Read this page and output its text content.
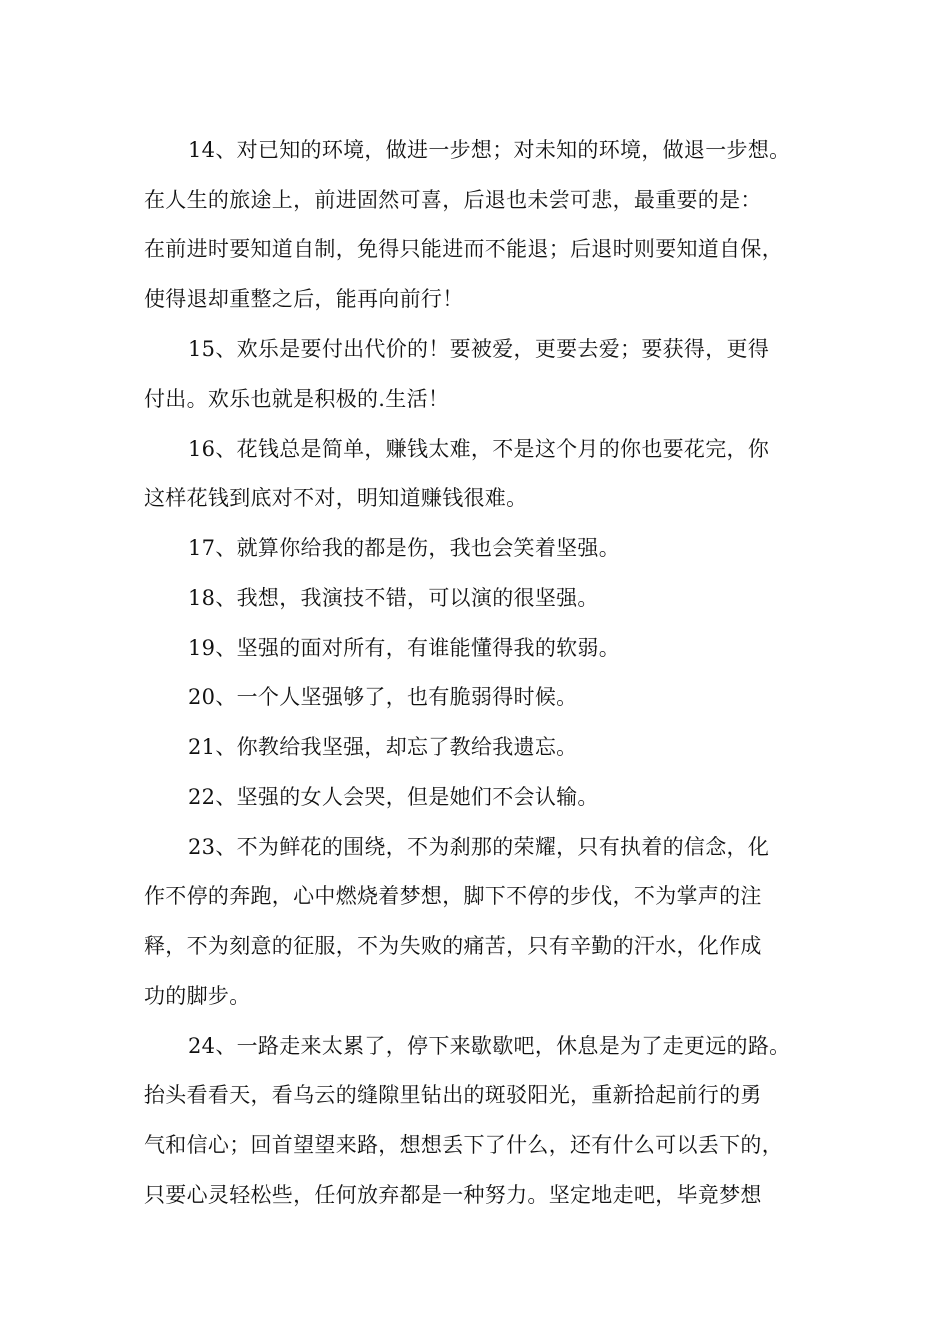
14、对已知的环境，做进一步想；对未知的环境，做退一步想。
在人生的旅途上，前进固然可喜，后退也未尝可悲，最重要的是：
在前进时要知道自制，免得只能进而不能退；后退时则要知道自保，
使得退却重整之后，能再向前行！
15、欢乐是要付出代价的！要被爱，更要去爱；要获得，更得
付出。欢乐也就是积极的.生活！
16、花钱总是简单，赚钱太难，不是这个月的你也要花完，你
这样花钱到底对不对，明知道赚钱很难。
17、就算你给我的都是伤，我也会笑着坚强。
18、我想，我演技不错，可以演的很坚强。
19、坚强的面对所有，有谁能懂得我的软弱。
20、一个人坚强够了，也有脆弱得时候。
21、你教给我坚强，却忘了教给我遗忘。
22、坚强的女人会哭，但是她们不会认输。
23、不为鲜花的围绕，不为刹那的荣耀，只有执着的信念，化
作不停的奔跑，心中燃烧着梦想，脚下不停的步伐，不为掌声的注
释，不为刻意的征服，不为失败的痛苦，只有辛勤的汗水，化作成
功的脚步。
24、一路走来太累了，停下来歇歇吧，休息是为了走更远的路。
抬头看看天，看乌云的缝隙里钻出的斑驳阳光，重新拾起前行的勇
气和信心；回首望望来路，想想丢下了什么，还有什么可以丢下的，
只要心灵轻松些，任何放弃都是一种努力。坚定地走吧，毕竟梦想
